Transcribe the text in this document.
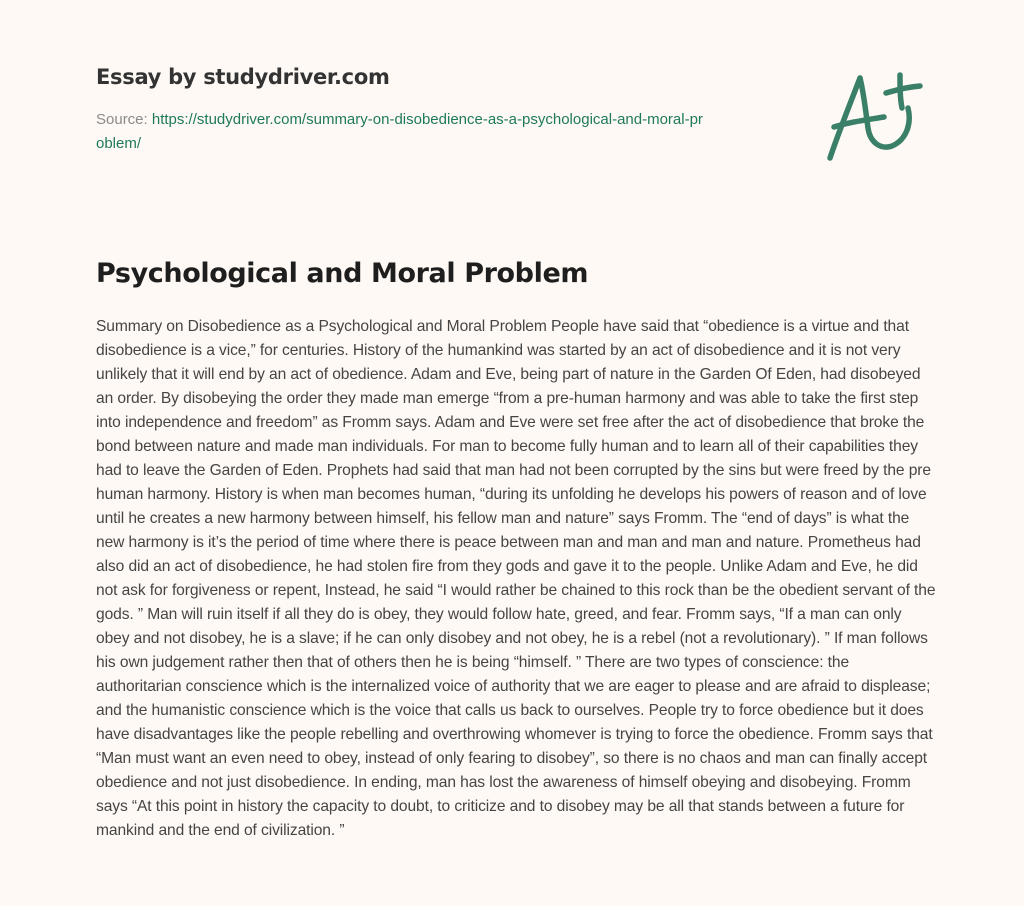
Essay by studydriver.com
Source: https://studydriver.com/summary-on-disobedience-as-a-psychological-and-moral-problem/
Psychological and Moral Problem

Summary on Disobedience as a Psychological and Moral Problem People have said that “obedience is a virtue and that disobedience is a vice,” for centuries. History of the humankind was started by an act of disobedience and it is not very unlikely that it will end by an act of obedience. Adam and Eve, being part of nature in the Garden Of Eden, had disobeyed an order. By disobeying the order they made man emerge “from a pre-human harmony and was able to take the first step into independence and freedom” as Fromm says. Adam and Eve were set free after the act of disobedience that broke the bond between nature and made man individuals. For man to become fully human and to learn all of their capabilities they had to leave the Garden of Eden. Prophets had said that man had not been corrupted by the sins but were freed by the pre human harmony. History is when man becomes human, “during its unfolding he develops his powers of reason and of love until he creates a new harmony between himself, his fellow man and nature” says Fromm. The “end of days” is what the new harmony is it’s the period of time where there is peace between man and man and man and nature. Prometheus had also did an act of disobedience, he had stolen fire from they gods and gave it to the people. Unlike Adam and Eve, he did not ask for forgiveness or repent, Instead, he said “I would rather be chained to this rock than be the obedient servant of the gods. ” Man will ruin itself if all they do is obey, they would follow hate, greed, and fear. Fromm says, “If a man can only obey and not disobey, he is a slave; if he can only disobey and not obey, he is a rebel (not a revolutionary). ” If man follows his own judgement rather then that of others then he is being “himself. ” There are two types of conscience: the authoritarian conscience which is the internalized voice of authority that we are eager to please and are afraid to displease; and the humanistic conscience which is the voice that calls us back to ourselves. People try to force obedience but it does have disadvantages like the people rebelling and overthrowing whomever is trying to force the obedience. Fromm says that “Man must want an even need to obey, instead of only fearing to disobey”, so there is no chaos and man can finally accept obedience and not just disobedience. In ending, man has lost the awareness of himself obeying and disobeying. Fromm says “At this point in history the capacity to doubt, to criticize and to disobey may be all that stands between a future for mankind and the end of civilization. ”
